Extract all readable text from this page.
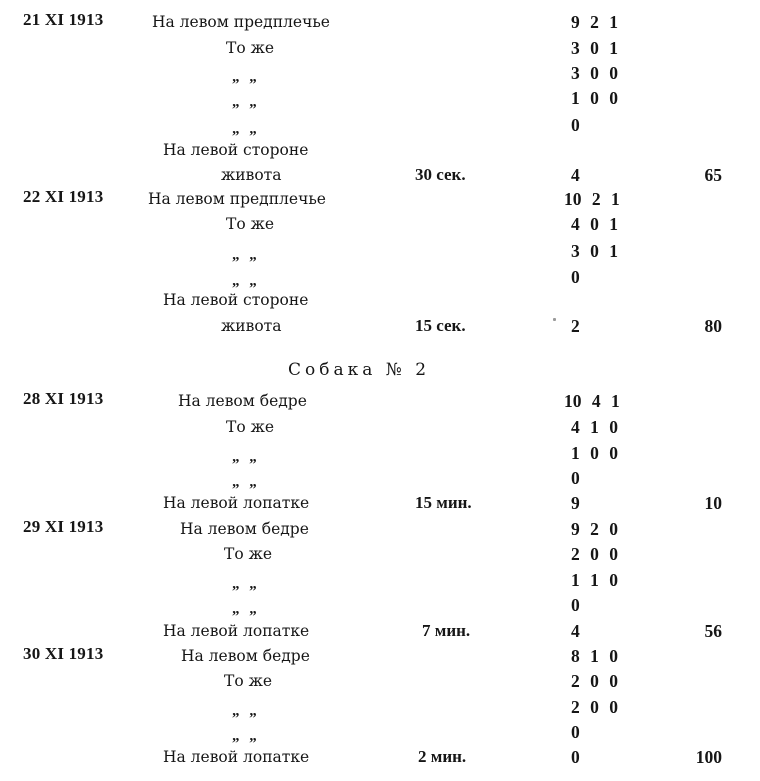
Собака № 2
21 XI 1913	На левом предплечье	9 2 1
То же	3 0 1
„ „	3 0 0
„ „	1 0 0
„ „	0
На левой стороне
живота	30 сек.	4	65
22 XI 1913	На левом предплечье	10 2 1
То же	4 0 1
„ „	3 0 1
„ „	0
На левой стороне
живота	15 сек.	2	80
28 XI 1913	На левом бедре	10 4 1
То же	4 1 0
„ „	1 0 0
„ „	0
На левой лопатке	15 мин.	9	10
29 XI 1913	На левом бедре	9 2 0
То же	2 0 0
„ „	1 1 0
„ „	0
На левой лопатке	7 мин.	4	56
30 XI 1913	На левом бедре	8 1 0
То же	2 0 0
„ „	2 0 0
„ „	0
На левой лопатке	2 мин.	0	100
